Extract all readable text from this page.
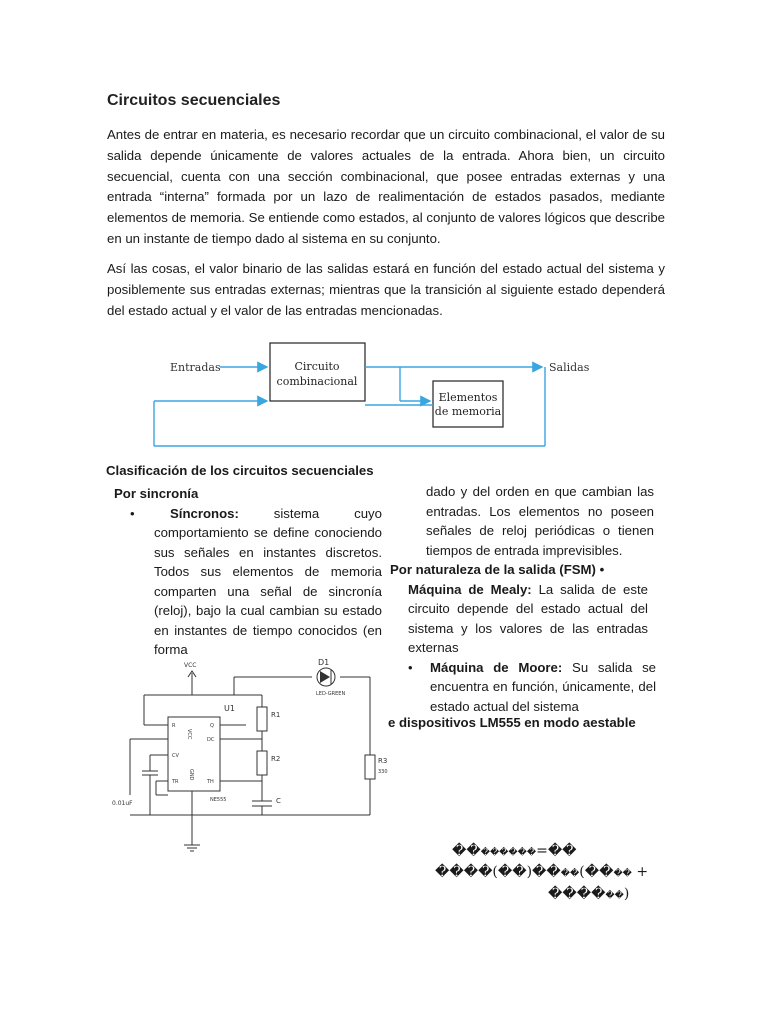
Circuitos secuenciales

Antes de entrar en materia, es necesario recordar que un circuito combinacional, el valor de su salida depende únicamente de valores actuales de la entrada. Ahora bien, un circuito secuencial, cuenta con una sección combinacional, que posee entradas externas y una entrada “interna” formada por un lazo de realimentación de estados pasados, mediante elementos de memoria. Se entiende como estados, al conjunto de valores lógicos que describe en un instante de tiempo dado al sistema en su conjunto.

Así las cosas, el valor binario de las salidas estará en función del estado actual del sistema y posiblemente sus entradas externas; mientras que la transición al siguiente estado dependerá del estado actual y el valor de las entradas mencionadas.

Entradas	Circuito
combinacional
Salidas
Elementos
de memoria
Clasificación de los circuitos secuenciales
Por sincronía
•	Síncronos:	sistema cuyo comportamiento se define conociendo sus señales en instantes discretos. Todos sus elementos de memoria comparten una señal de sincronía (reloj), bajo la cual cambian su estado en instantes de tiempo conocidos (en forma
dado y del orden en que cambian las entradas. Los elementos no poseen señales de reloj periódicas o tienen tiempos de entrada imprevisibles.
Por naturaleza de la salida (FSM) •
Máquina de Mealy: La salida de este circuito depende del estado actual del sistema y los valores de las entradas externas
• Máquina de Moore: Su salida se encuentra en función, únicamente, del estado actual del sistema
e dispositivos LM555 en modo aestable
VCC	D1
LED-GREEN
U1
R1
R2	R3
330
C
0.01uF	NE555
R	Q
DC
CV
TR	TH
VCC
GND
��������=��
����(��)����(���� +
������)
